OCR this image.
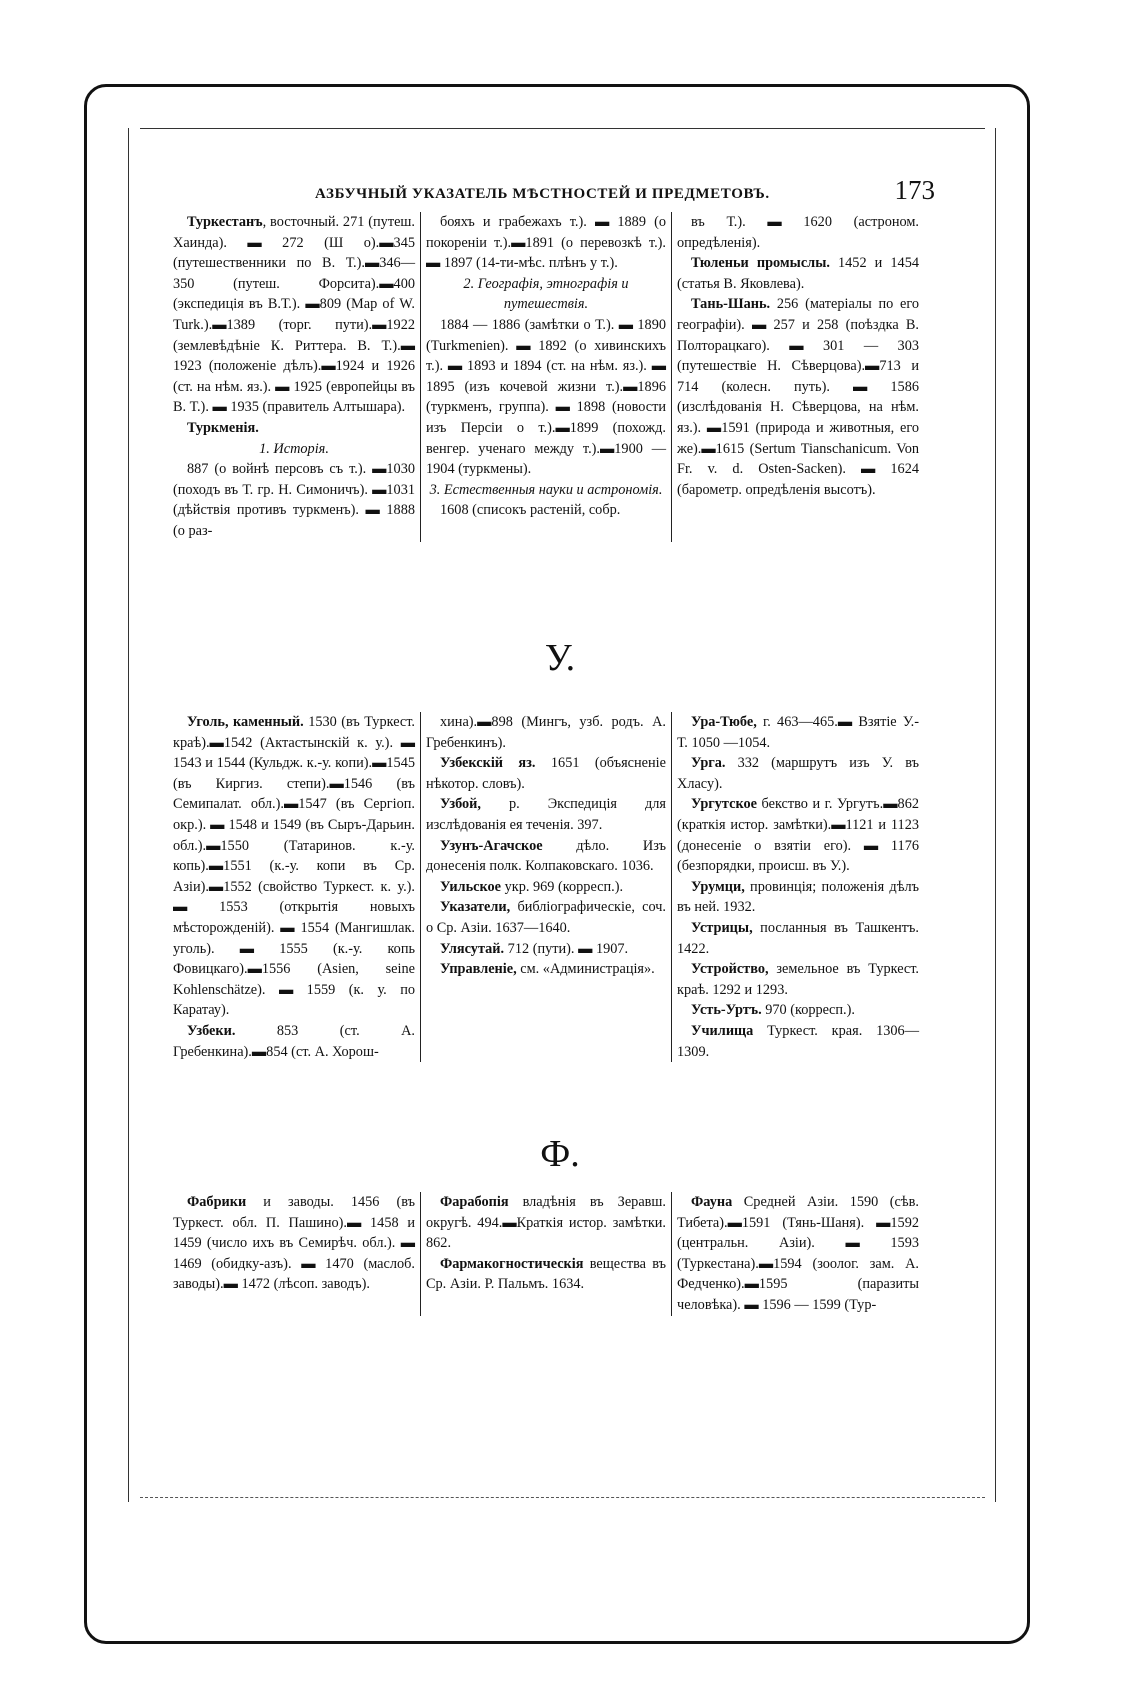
АЗБУЧНЫЙ УКАЗАТЕЛЬ МѢСТНОСТЕЙ И ПРЕДМЕТОВЪ.	173

Туркестанъ, восточный. 271 (путеш. Хаинда). ▬ 272 (Ш о).▬345 (путешественники по В. Т.).▬346—350 (путеш. Форсита).▬400 (экспедиція въ В.Т.). ▬809 (Map of W. Turk.).▬1389 (торг. пути).▬1922 (землевѣдѣніе К. Риттера. В. Т.).▬ 1923 (положеніе дѣлъ).▬1924 и 1926 (ст. на нѣм. яз.). ▬ 1925 (европейцы въ В. Т.). ▬ 1935 (правитель Алтышара).

Туркменія.

1. Исторія.

887 (о войнѣ персовъ съ т.). ▬1030 (походъ въ Т. гр. Н. Симоничъ). ▬1031 (дѣйствія противъ туркменъ). ▬ 1888 (о раз-

бояхъ и грабежахъ т.). ▬ 1889 (о покореніи т.).▬1891 (о перевозкѣ т.). ▬ 1897 (14-ти-мѣс. плѣнъ у т.).

2. Географія, этнографія и путешествія.

1884 — 1886 (замѣтки о Т.). ▬ 1890 (Turkmenien). ▬ 1892 (о хивинскихъ т.). ▬ 1893 и 1894 (ст. на нѣм. яз.). ▬ 1895 (изъ кочевой жизни т.).▬1896 (туркменъ, группа). ▬ 1898 (новости изъ Персіи о т.).▬1899 (похожд. венгер. ученаго между т.).▬1900 —1904 (туркмены).

3. Естественныя науки и астрономія.

1608 (списокъ растеній, собр.

въ Т.). ▬ 1620 (астроном. опредѣленія).

Тюленьи промыслы. 1452 и 1454 (статья В. Яковлева).

Тань-Шань. 256 (матеріалы по его географіи). ▬ 257 и 258 (поѣздка В. Полторацкаго). ▬ 301 — 303 (путешествіе Н. Сѣверцова).▬713 и 714 (колесн. путь). ▬ 1586 (изслѣдованія Н. Сѣверцова, на нѣм. яз.). ▬1591 (природа и животныя, его же).▬1615 (Sertum Tianschanicum. Von Fr. v. d. Osten-Sacken). ▬ 1624 (барометр. опредѣленія высотъ).

У.

Уголь, каменный. 1530 (въ Туркест. краѣ).▬1542 (Актастынскій к. у.). ▬ 1543 и 1544 (Кульдж. к.-у. копи).▬1545 (въ Киргиз. степи).▬1546 (въ Семипалат. обл.).▬1547 (въ Сергіоп. окр.). ▬ 1548 и 1549 (въ Сыръ-Дарьин. обл.).▬1550 (Татаринов. к.-у. копь).▬1551 (к.-у. копи въ Ср. Азіи).▬1552 (свойство Туркест. к. у.). ▬ 1553 (открытія новыхъ мѣсторожденій). ▬ 1554 (Мангишлак. уголь). ▬ 1555 (к.-у. копь Фовицкаго).▬1556 (Asien, seine Kohlenschätze). ▬ 1559 (к. у. по Каратау).

Узбеки. 853 (ст. А. Гребенкина).▬854 (ст. А. Хорош-

хина).▬898 (Мингъ, узб. родъ. А. Гребенкинъ).

Узбекскій яз. 1651 (объясненіе нѣкотор. словъ).

Узбой, р. Экспедиція для изслѣдованія ея теченія. 397.

Узунъ-Агачское дѣло. Изъ донесенія полк. Колпаковскаго. 1036.

Уильское укр. 969 (корресп.).

Указатели, библіографическіе, соч. о Ср. Азіи. 1637—1640.

Улясутай. 712 (пути). ▬ 1907.

Управленіе, см. «Администрація».

Ура-Тюбе, г. 463—465.▬ Взятіе У.-Т. 1050 —1054.

Урга. 332 (маршрутъ изъ У. въ Хласу).

Ургутское бекство и г. Ургутъ.▬862 (краткія истор. замѣтки).▬1121 и 1123 (донесеніе о взятіи его). ▬ 1176 (безпорядки, происш. въ У.).

Урумци, провинція; положенія дѣлъ въ ней. 1932.

Устрицы, посланныя въ Ташкентъ. 1422.

Устройство, земельное въ Туркест. краѣ. 1292 и 1293.

Усть-Уртъ. 970 (корреcп.).

Училища Туркест. края. 1306—1309.

Ф.

Фабрики и заводы. 1456 (въ Туркест. обл. П. Пашино).▬ 1458 и 1459 (число ихъ въ Семирѣч. обл.). ▬ 1469 (обидку-азъ). ▬ 1470 (маслоб. заводы).▬ 1472 (лѣсоп. заводъ).

Фарабопія владѣнія въ Зеравш. округѣ. 494.▬Краткія истор. замѣтки. 862.

Фармакогностическія вещества въ Ср. Азіи. Р. Пальмъ. 1634.

Фауна Средней Азіи. 1590 (сѣв. Тибета).▬1591 (Тянь-Шаня). ▬1592 (центральн. Азіи). ▬ 1593 (Туркестана).▬1594 (зоолог. зам. А. Федченко).▬1595 (паразиты человѣка). ▬ 1596 — 1599 (Тур-
